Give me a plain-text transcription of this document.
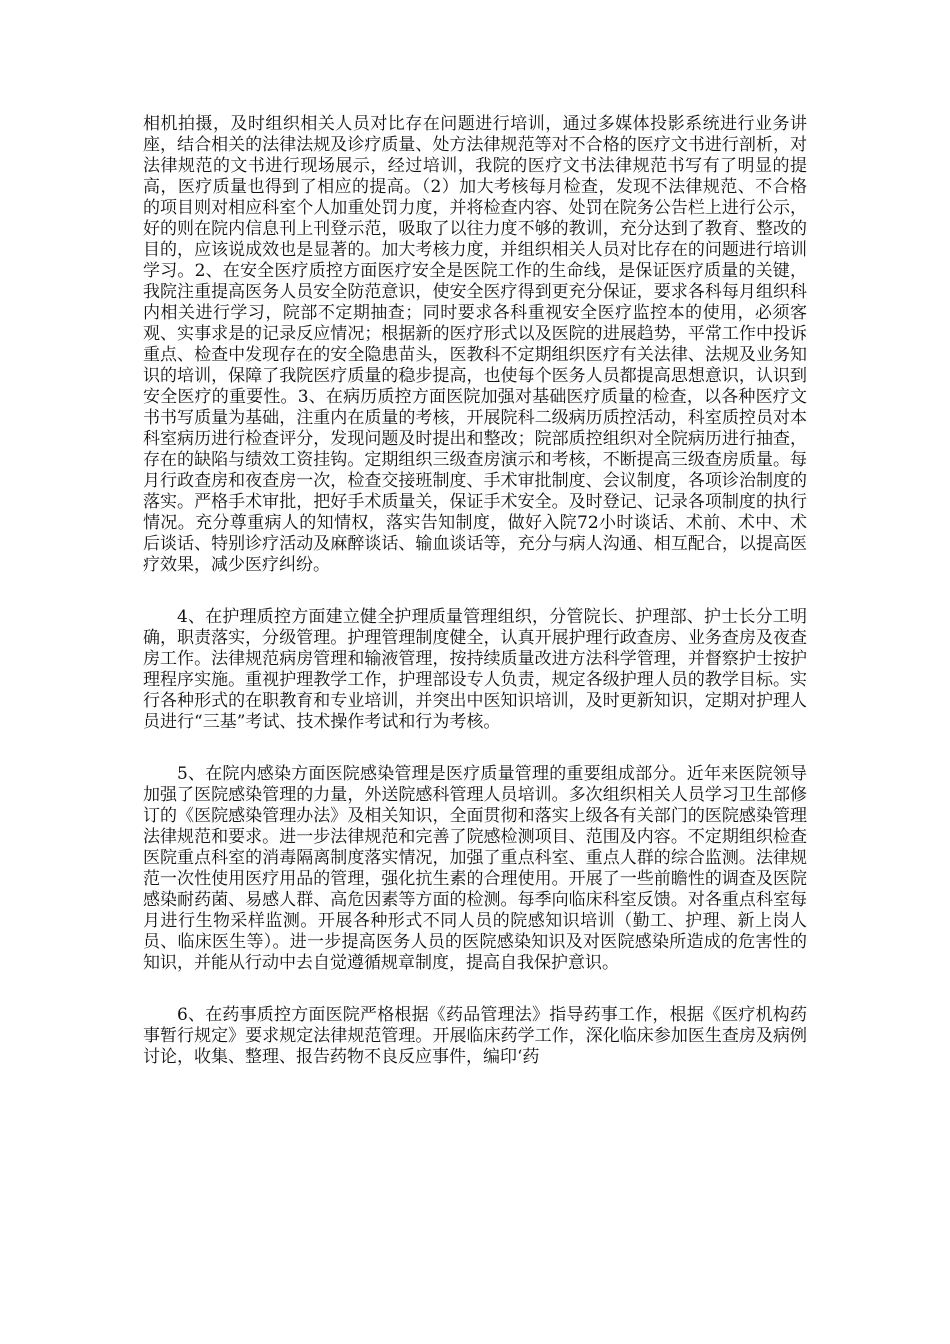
相机拍摄，及时组织相关人员对比存在问题进行培训，通过多媒体投影系统进行业务讲座，结合相关的法律法规及诊疗质量、处方法律规范等对不合格的医疗文书进行剖析，对法律规范的文书进行现场展示，经过培训，我院的医疗文书法律规范书写有了明显的提高，医疗质量也得到了相应的提高。（2）加大考核每月检查，发现不法律规范、不合格的项目则对相应科室个人加重处罚力度，并将检查内容、处罚在院务公告栏上进行公示，好的则在院内信息刊上刊登示范，吸取了以往力度不够的教训，充分达到了教育、整改的目的，应该说成效也是显著的。加大考核力度，并组织相关人员对比存在的问题进行培训学习。2、在安全医疗质控方面医疗安全是医院工作的生命线，是保证医疗质量的关键，我院注重提高医务人员安全防范意识，使安全医疗得到更充分保证，要求各科每月组织科内相关进行学习，院部不定期抽查；同时要求各科重视安全医疗监控本的使用，必须客观、实事求是的记录反应情况；根据新的医疗形式以及医院的进展趋势，平常工作中投诉重点、检查中发现存在的安全隐患苗头，医教科不定期组织医疗有关法律、法规及业务知识的培训，保障了我院医疗质量的稳步提高，也使每个医务人员都提高思想意识，认识到安全医疗的重要性。3、在病历质控方面医院加强对基础医疗质量的检查，以各种医疗文书书写质量为基础，注重内在质量的考核，开展院科二级病历质控活动，科室质控员对本科室病历进行检查评分，发现问题及时提出和整改；院部质控组织对全院病历进行抽查，存在的缺陷与绩效工资挂钩。定期组织三级查房演示和考核，不断提高三级查房质量。每月行政查房和夜查房一次，检查交接班制度、手术审批制度、会议制度，各项诊治制度的落实。严格手术审批，把好手术质量关，保证手术安全。及时登记、记录各项制度的执行情况。充分尊重病人的知情权，落实告知制度，做好入院72小时谈话、术前、术中、术后谈话、特别诊疗活动及麻醉谈话、输血谈话等，充分与病人沟通、相互配合，以提高医疗效果，减少医疗纠纷。

4、在护理质控方面建立健全护理质量管理组织，分管院长、护理部、护士长分工明确，职责落实，分级管理。护理管理制度健全，认真开展护理行政查房、业务查房及夜查房工作。法律规范病房管理和输液管理，按持续质量改进方法科学管理，并督察护士按护理程序实施。重视护理教学工作，护理部设专人负责，规定各级护理人员的教学目标。实行各种形式的在职教育和专业培训，并突出中医知识培训，及时更新知识，定期对护理人员进行“三基”考试、技术操作考试和行为考核。

5、在院内感染方面医院感染管理是医疗质量管理的重要组成部分。近年来医院领导加强了医院感染管理的力量，外送院感科管理人员培训。多次组织相关人员学习卫生部修订的《医院感染管理办法》及相关知识，全面贯彻和落实上级各有关部门的医院感染管理法律规范和要求。进一步法律规范和完善了院感检测项目、范围及内容。不定期组织检查医院重点科室的消毒隔离制度落实情况，加强了重点科室、重点人群的综合监测。法律规范一次性使用医疗用品的管理，强化抗生素的合理使用。开展了一些前瞻性的调查及医院感染耐药菌、易感人群、高危因素等方面的检测。每季向临床科室反馈。对各重点科室每月进行生物采样监测。开展各种形式不同人员的院感知识培训（勤工、护理、新上岗人员、临床医生等）。进一步提高医务人员的医院感染知识及对医院感染所造成的危害性的知识，并能从行动中去自觉遵循规章制度，提高自我保护意识。

6、在药事质控方面医院严格根据《药品管理法》指导药事工作，根据《医疗机构药事暂行规定》要求规定法律规范管理。开展临床药学工作，深化临床参加医生查房及病例讨论，收集、整理、报告药物不良反应事件，编印‘药
